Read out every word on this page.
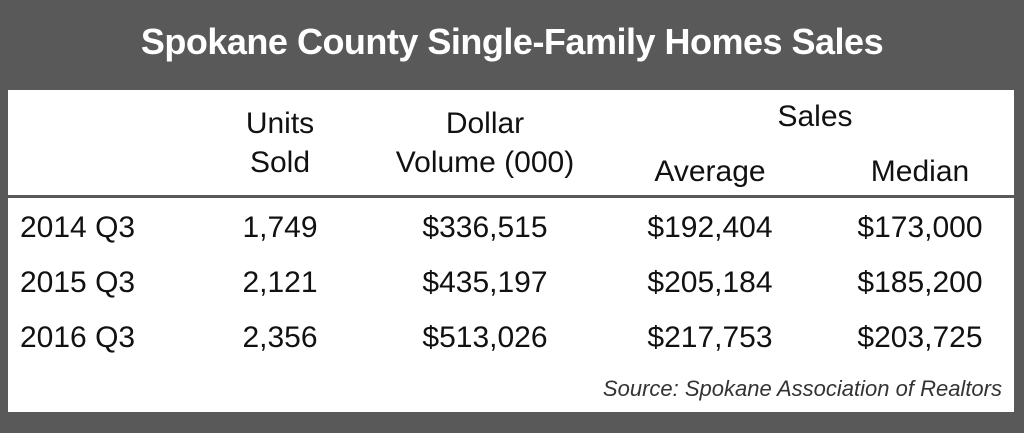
Spokane County Single-Family Homes Sales
Units
Sold
Dollar
Volume (000)
Sales
Average	Median
2014 Q3	1,749	$336,515	$192,404	$173,000
2015 Q3	2,121	$435,197	$205,184	$185,200
2016 Q3	2,356	$513,026	$217,753	$203,725
Source: Spokane Association of Realtors
